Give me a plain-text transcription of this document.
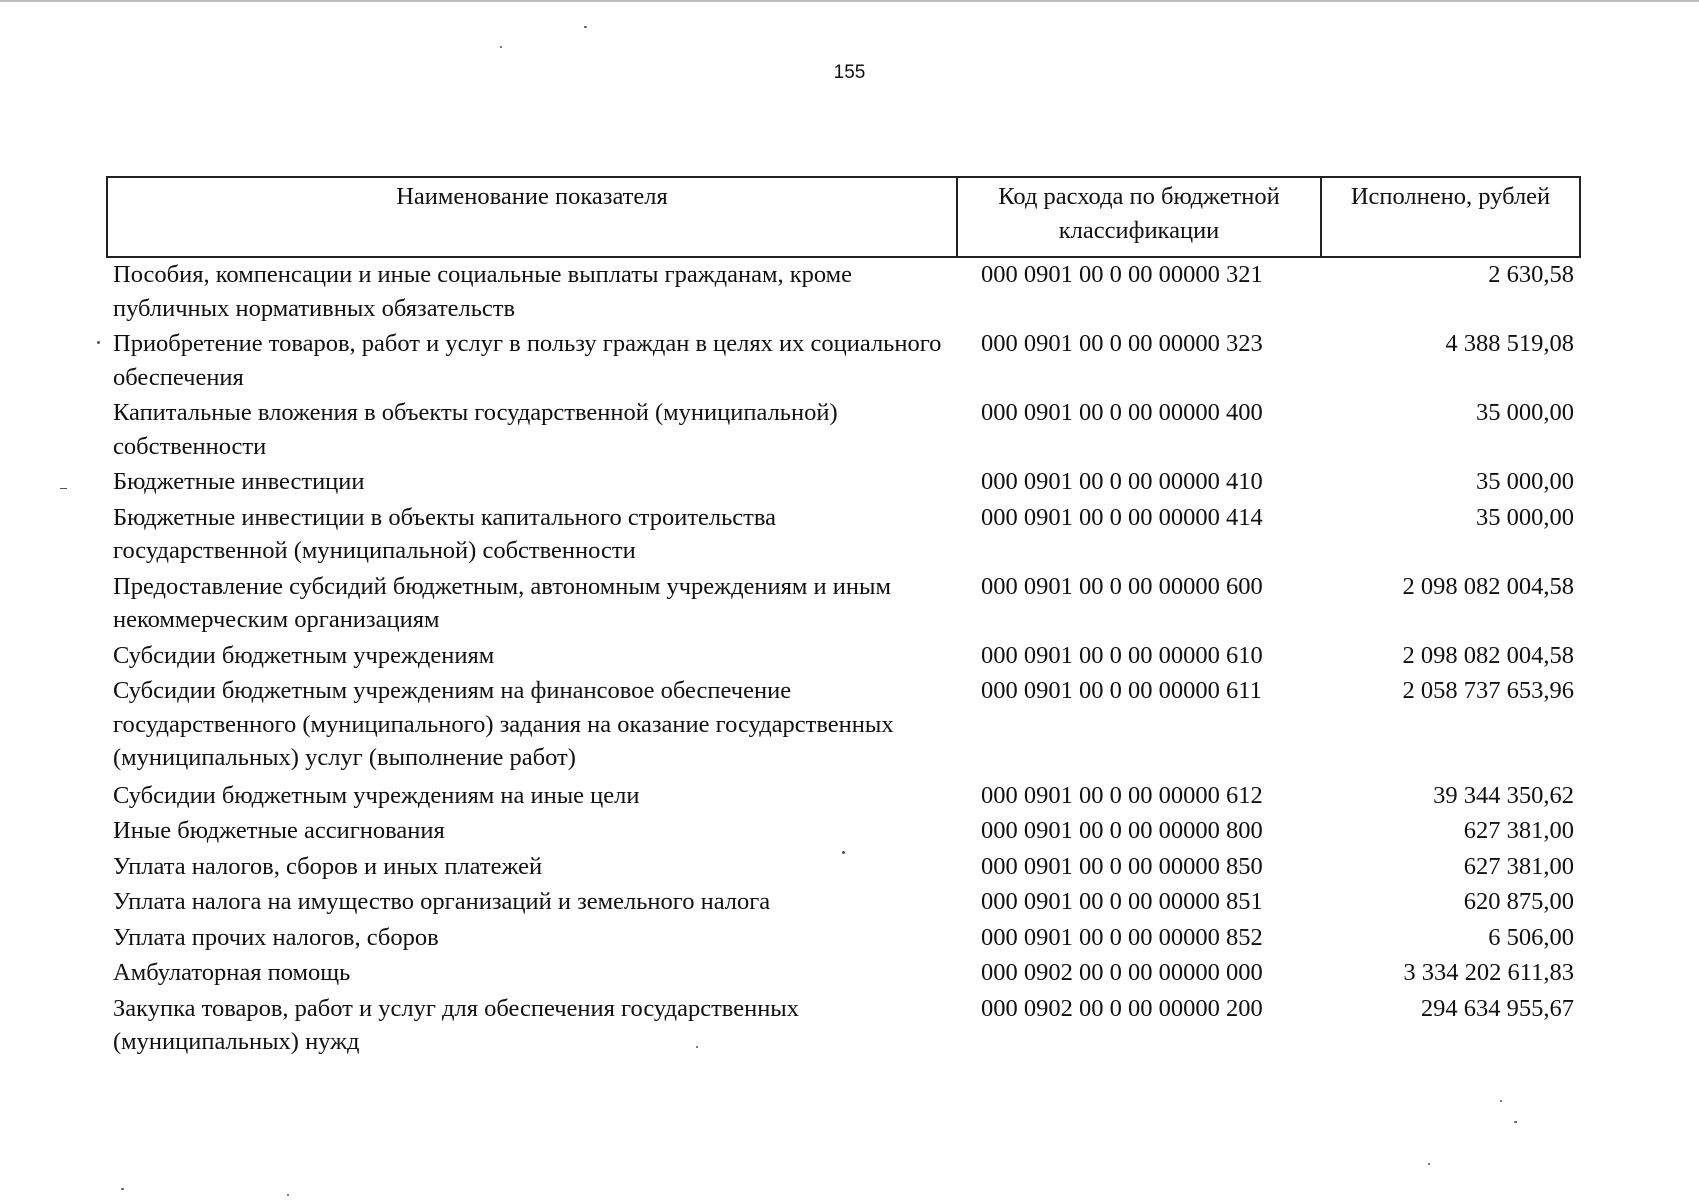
155
Наименование показателя	Код расхода по бюджетной классификации	Исполнено, рублей
Пособия, компенсации и иные социальные выплаты гражданам, кроме публичных нормативных обязательств	000 0901 00 0 00 00000 321	2 630,58
Приобретение товаров, работ и услуг в пользу граждан в целях их социального обеспечения	000 0901 00 0 00 00000 323	4 388 519,08
Капитальные вложения в объекты государственной (муниципальной) собственности	000 0901 00 0 00 00000 400	35 000,00
Бюджетные инвестиции	000 0901 00 0 00 00000 410	35 000,00
Бюджетные инвестиции в объекты капитального строительства государственной (муниципальной) собственности	000 0901 00 0 00 00000 414	35 000,00
Предоставление субсидий бюджетным, автономным учреждениям и иным некоммерческим организациям	000 0901 00 0 00 00000 600	2 098 082 004,58
Субсидии бюджетным учреждениям	000 0901 00 0 00 00000 610	2 098 082 004,58
Субсидии бюджетным учреждениям на финансовое обеспечение государственного (муниципального) задания на оказание государственных (муниципальных) услуг (выполнение работ)	000 0901 00 0 00 00000 611	2 058 737 653,96
Субсидии бюджетным учреждениям на иные цели	000 0901 00 0 00 00000 612	39 344 350,62
Иные бюджетные ассигнования	000 0901 00 0 00 00000 800	627 381,00
Уплата налогов, сборов и иных платежей	000 0901 00 0 00 00000 850	627 381,00
Уплата налога на имущество организаций и земельного налога	000 0901 00 0 00 00000 851	620 875,00
Уплата прочих налогов, сборов	000 0901 00 0 00 00000 852	6 506,00
Амбулаторная помощь	000 0902 00 0 00 00000 000	3 334 202 611,83
Закупка товаров, работ и услуг для обеспечения государственных (муниципальных) нужд	000 0902 00 0 00 00000 200	294 634 955,67
